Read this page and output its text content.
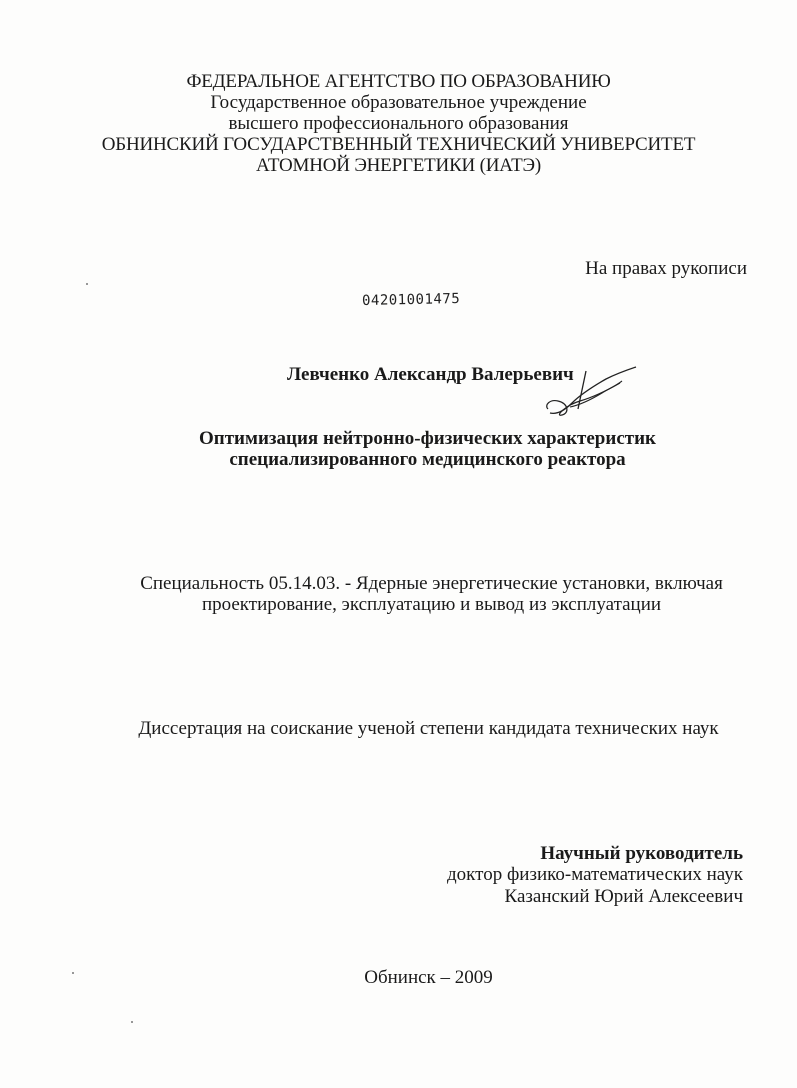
ФЕДЕРАЛЬНОЕ АГЕНТСТВО ПО ОБРАЗОВАНИЮ
Государственное образовательное учреждение
высшего профессионального образования
ОБНИНСКИЙ ГОСУДАРСТВЕННЫЙ ТЕХНИЧЕСКИЙ УНИВЕРСИТЕТ
АТОМНОЙ ЭНЕРГЕТИКИ (ИАТЭ)
На правах рукописи
04201001475
Левченко Александр Валерьевич
Оптимизация нейтронно-физических характеристик
специализированного медицинского реактора
Специальность 05.14.03. - Ядерные энергетические установки, включая
проектирование, эксплуатацию и вывод из эксплуатации
Диссертация на соискание ученой степени кандидата технических наук
Научный руководитель
доктор физико-математических наук
Казанский Юрий Алексеевич
Обнинск – 2009
